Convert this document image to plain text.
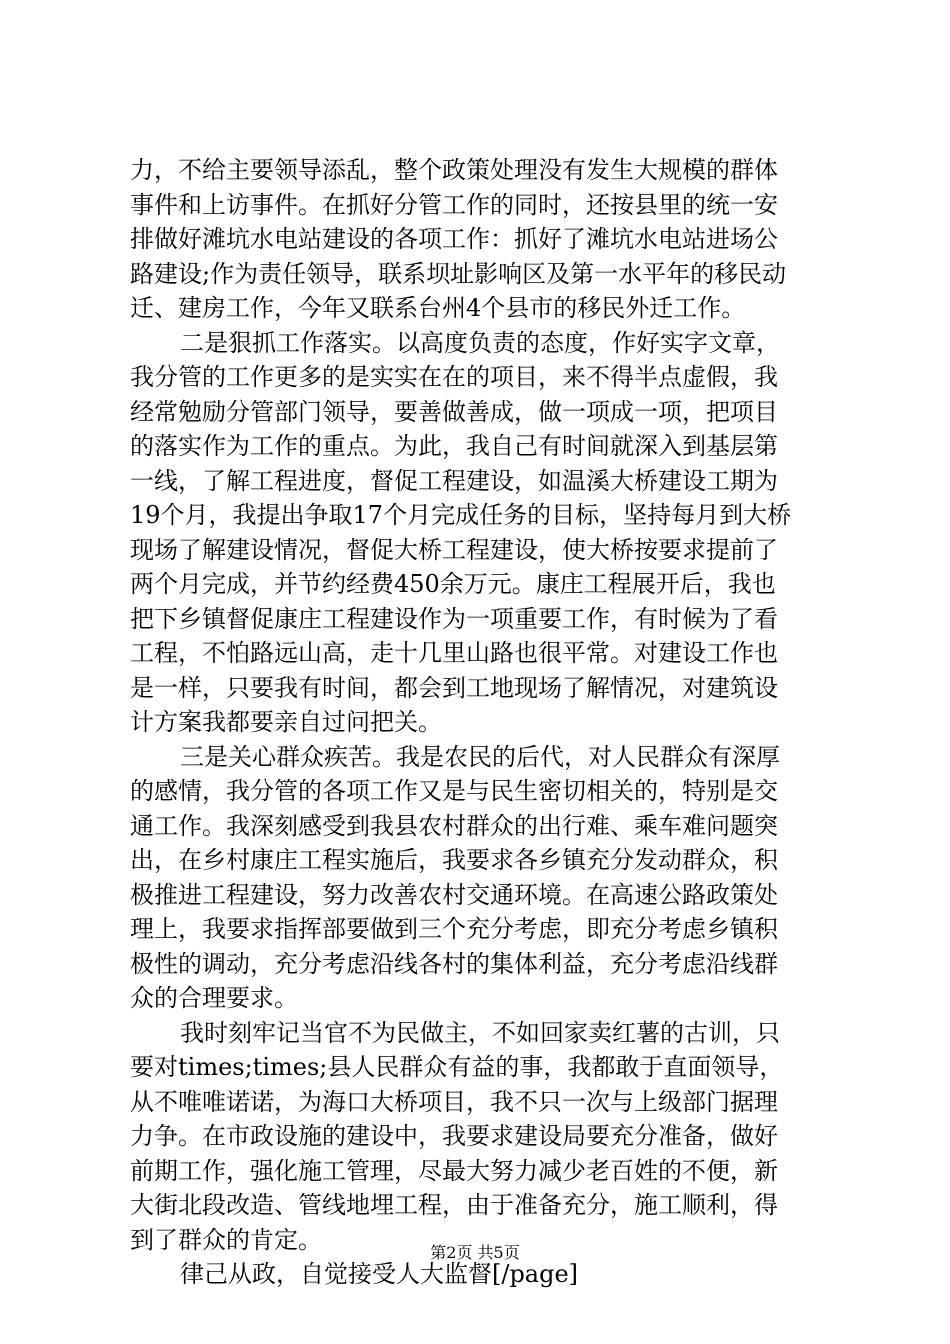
力，不给主要领导添乱，整个政策处理没有发生大规模的群体
事件和上访事件。在抓好分管工作的同时，还按县里的统一安
排做好滩坑水电站建设的各项工作：抓好了滩坑水电站进场公
路建设;作为责任领导，联系坝址影响区及第一水平年的移民动
迁、建房工作，今年又联系台州4个县市的移民外迁工作。
二是狠抓工作落实。以高度负责的态度，作好实字文章，
我分管的工作更多的是实实在在的项目，来不得半点虚假，我
经常勉励分管部门领导，要善做善成，做一项成一项，把项目
的落实作为工作的重点。为此，我自己有时间就深入到基层第
一线，了解工程进度，督促工程建设，如温溪大桥建设工期为
19个月，我提出争取17个月完成任务的目标，坚持每月到大桥
现场了解建设情况，督促大桥工程建设，使大桥按要求提前了
两个月完成，并节约经费450余万元。康庄工程展开后，我也
把下乡镇督促康庄工程建设作为一项重要工作，有时候为了看
工程，不怕路远山高，走十几里山路也很平常。对建设工作也
是一样，只要我有时间，都会到工地现场了解情况，对建筑设
计方案我都要亲自过问把关。
三是关心群众疾苦。我是农民的后代，对人民群众有深厚
的感情，我分管的各项工作又是与民生密切相关的，特别是交
通工作。我深刻感受到我县农村群众的出行难、乘车难问题突
出，在乡村康庄工程实施后，我要求各乡镇充分发动群众，积
极推进工程建设，努力改善农村交通环境。在高速公路政策处
理上，我要求指挥部要做到三个充分考虑，即充分考虑乡镇积
极性的调动，充分考虑沿线各村的集体利益，充分考虑沿线群
众的合理要求。
我时刻牢记当官不为民做主，不如回家卖红薯的古训，只
要对times;times;县人民群众有益的事，我都敢于直面领导，
从不唯唯诺诺，为海口大桥项目，我不只一次与上级部门据理
力争。在市政设施的建设中，我要求建设局要充分准备，做好
前期工作，强化施工管理，尽最大努力减少老百姓的不便，新
大街北段改造、管线地埋工程，由于准备充分，施工顺利，得
到了群众的肯定。
律己从政，自觉接受人大监督[/page]
第2页 共5页
